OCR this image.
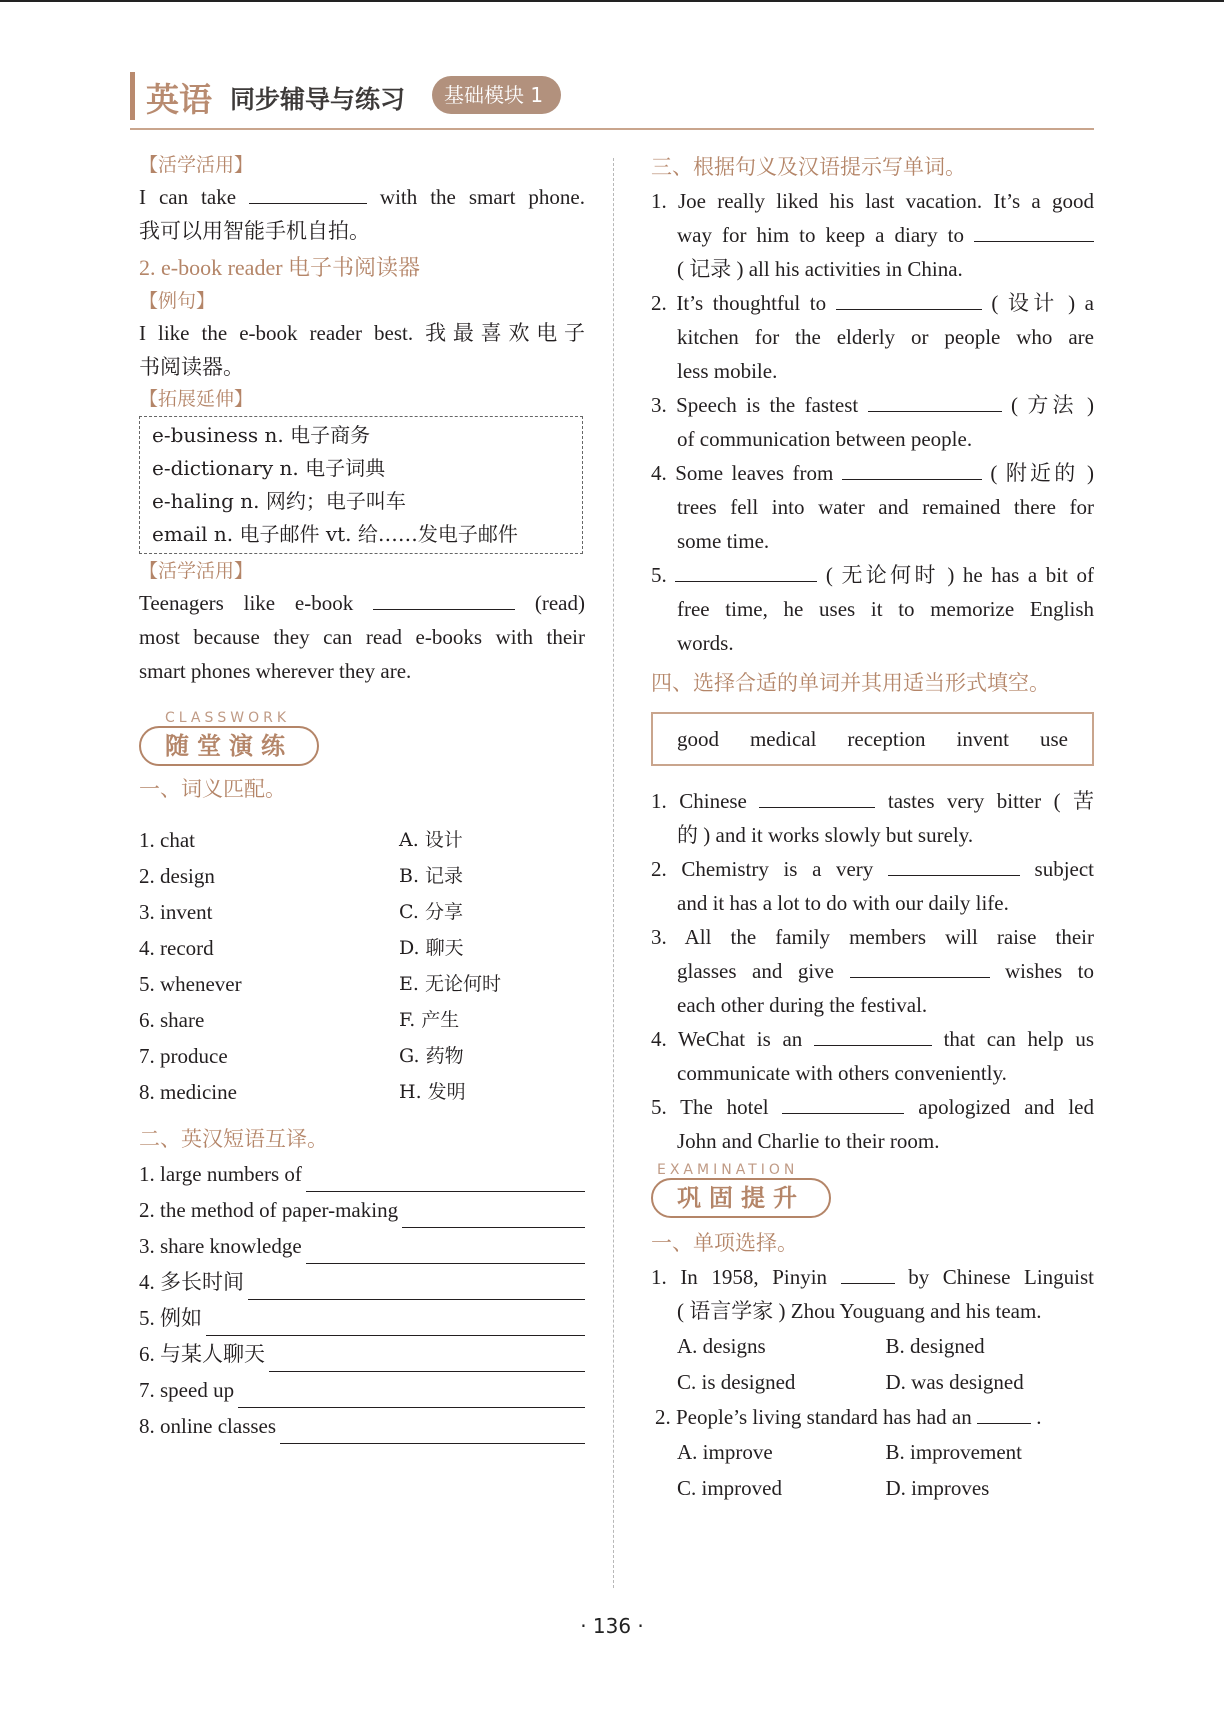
英语 同步辅导与练习	基础模块 1
【活学活用】
I can take	with the smart phone.
我可以用智能手机自拍。
2. e-book reader 电子书阅读器
【例句】
I like the e-book reader best. 我最喜欢电子
书阅读器。
【拓展延伸】
e-business n. 电子商务
e-dictionary n. 电子词典
e-haling n. 网约；电子叫车
email n. 电子邮件 vt. 给……发电子邮件
【活学活用】
Teenagers like e-book	(read)
most because they can read e-books with their
smart phones wherever they are.
CLASSWORK
随堂演练
一、词义匹配。
1. chat	A. 设计
2. design	B. 记录
3. invent	C. 分享
4. record	D. 聊天
5. whenever	E. 无论何时
6. share	F. 产生
7. produce	G. 药物
8. medicine	H. 发明
二、英汉短语互译。
1. large numbers of
2. the method of paper-making
3. share knowledge
4. 多长时间
5. 例如
6. 与某人聊天
7. speed up
8. online classes
三、根据句义及汉语提示写单词。
1. Joe really liked his last vacation. It’s a good
way for him to keep a diary to
( 记录 ) all his activities in China.
2. It’s thoughtful to	( 设计 ) a
kitchen for the elderly or people who are
less mobile.
3. Speech is the fastest	( 方法 )
of communication between people.
4. Some leaves from	( 附近的 )
trees fell into water and remained there for
some time.
5.	( 无论何时 ) he has a bit of
free time, he uses it to memorize English
words.
四、选择合适的单词并其用适当形式填空。
good medical reception invent use
1. Chinese	tastes very bitter ( 苦
的 ) and it works slowly but surely.
2. Chemistry is a very	subject
and it has a lot to do with our daily life.
3. All the family members will raise their
glasses and give	wishes to
each other during the festival.
4. WeChat is an	that can help us
communicate with others conveniently.
5. The hotel	apologized and led
John and Charlie to their room.
EXAMINATION
巩固提升
一、单项选择。
1. In 1958, Pinyin	by Chinese Linguist
( 语言学家 ) Zhou Youguang and his team.
A. designs	B. designed
C. is designed	D. was designed
2. People’s living standard has had an	.
A. improve	B. improvement
C. improved	D. improves
· 136 ·
